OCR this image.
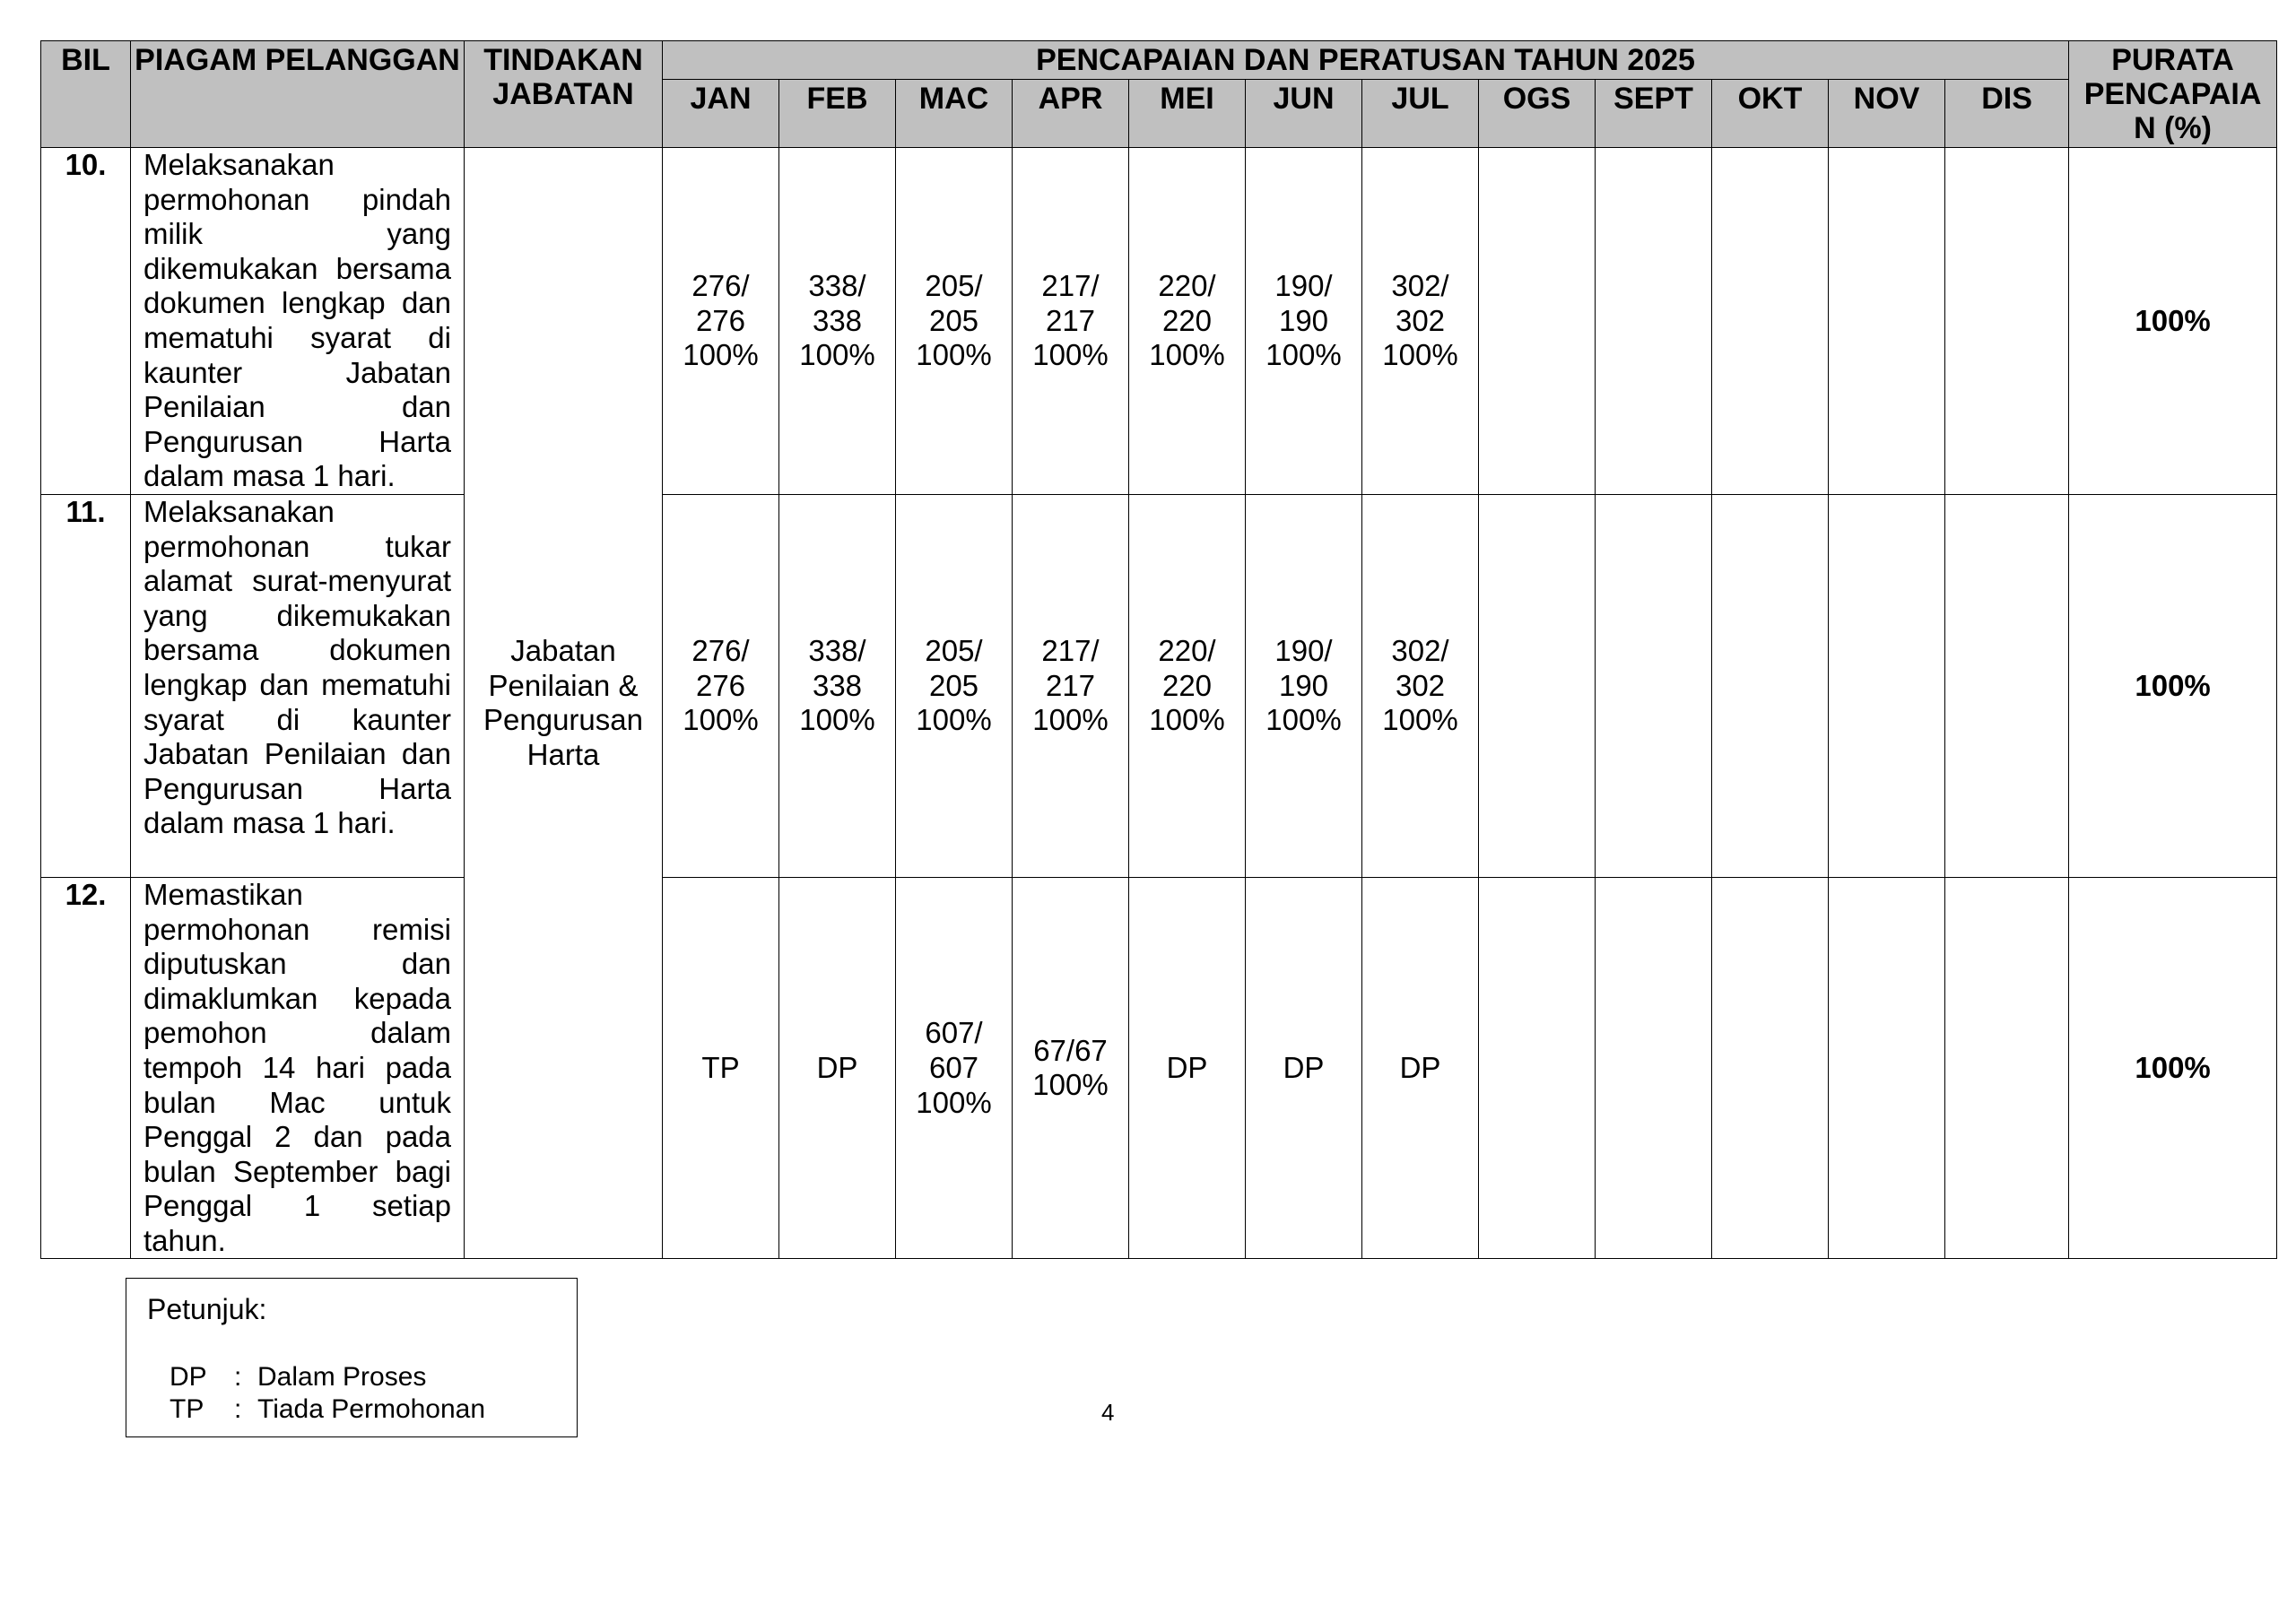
BIL	PIAGAM PELANGGAN	TINDAKAN JABATAN	PENCAPAIAN DAN PERATUSAN TAHUN 2025												PURATA PENCAPAIA N (%)
			JAN	FEB	MAC	APR	MEI	JUN	JUL	OGS	SEPT	OKT	NOV	DIS	
10.	Melaksanakan permohonan pindah milik yang dikemukakan bersama dokumen lengkap dan mematuhi syarat di kaunter Jabatan Penilaian dan Pengurusan Harta dalam masa 1 hari.	Jabatan Penilaian & Pengurusan Harta	276/
276
100%	338/
338
100%	205/
205
100%	217/
217
100%	220/
220
100%	190/
190
100%	302/
302
100%						100%
11.	Melaksanakan permohonan tukar alamat surat-menyurat yang dikemukakan bersama dokumen lengkap dan mematuhi syarat di kaunter Jabatan Penilaian dan Pengurusan Harta dalam masa 1 hari.		276/
276
100%	338/
338
100%	205/
205
100%	217/
217
100%	220/
220
100%	190/
190
100%	302/
302
100%						100%
12.	Memastikan permohonan remisi diputuskan dan dimaklumkan kepada pemohon dalam tempoh 14 hari pada bulan Mac untuk Penggal 2 dan pada bulan September bagi Penggal 1 setiap tahun.		TP	DP	607/
607
100%	67/67
100%	DP	DP	DP						100%
Petunjuk:
DP : Dalam Proses
TP : Tiada Permohonan	4
